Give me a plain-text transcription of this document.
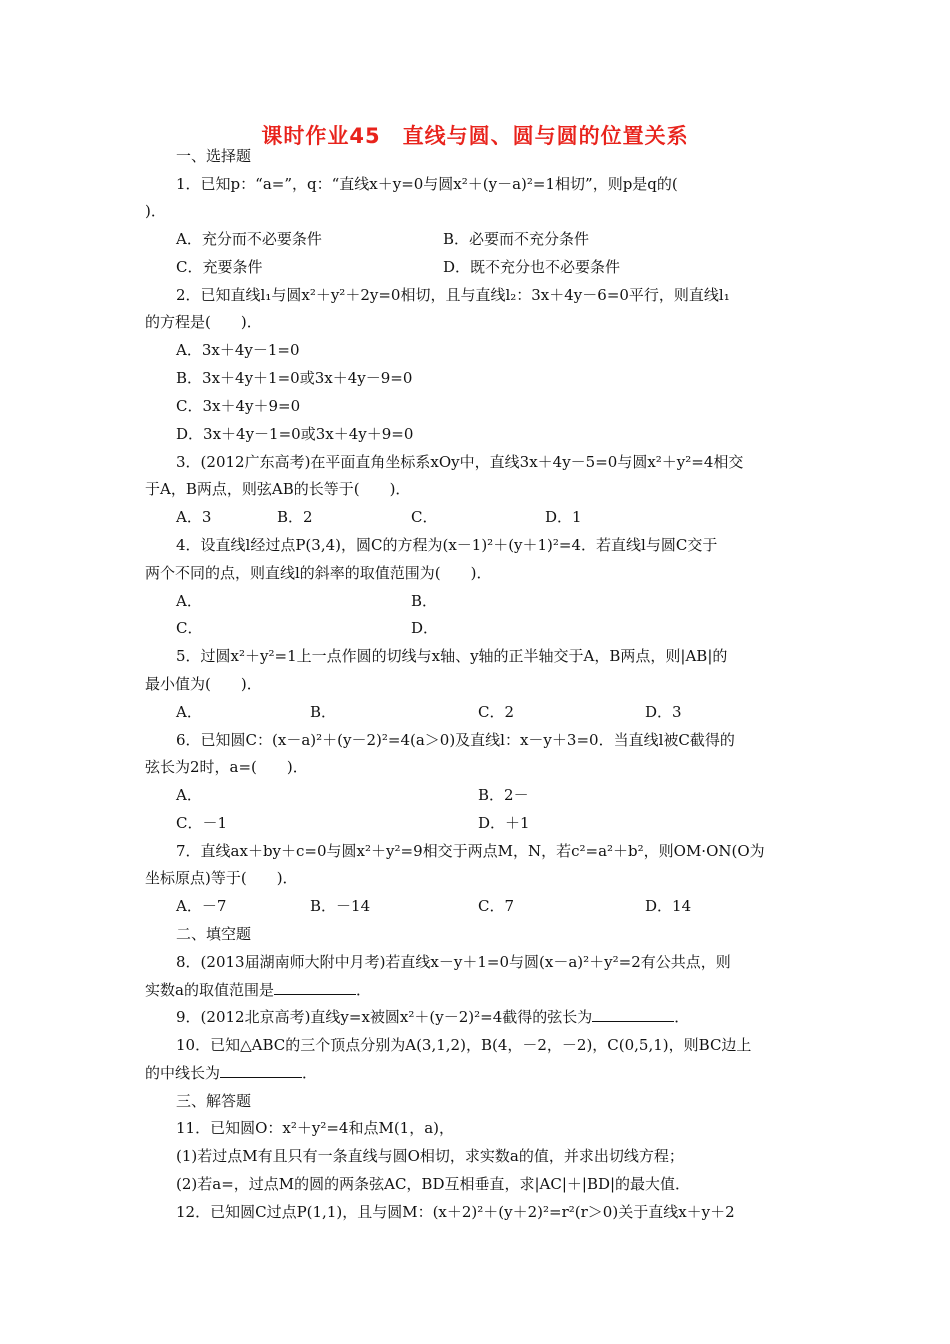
课时作业45　直线与圆、圆与圆的位置关系
一、选择题
1．已知p：“a=”，q：“直线x＋y=0与圆x²＋(y－a)²=1相切”，则p是q的(
)．
A．充分而不必要条件	B．必要而不充分条件
C．充要条件	D．既不充分也不必要条件
2．已知直线l₁与圆x²＋y²＋2y=0相切，且与直线l₂：3x＋4y－6=0平行，则直线l₁
的方程是(　　)．
A．3x＋4y－1=0
B．3x＋4y＋1=0或3x＋4y－9=0
C．3x＋4y＋9=0
D．3x＋4y－1=0或3x＋4y＋9=0
3．(2012广东高考)在平面直角坐标系xOy中，直线3x＋4y－5=0与圆x²＋y²=4相交
于A，B两点，则弦AB的长等于(　　)．
A．3	B．2	C．	D．1
4．设直线l经过点P(3,4)，圆C的方程为(x－1)²＋(y＋1)²=4．若直线l与圆C交于
两个不同的点，则直线l的斜率的取值范围为(　　)．
A．	B．
C．	D．
5．过圆x²＋y²=1上一点作圆的切线与x轴、y轴的正半轴交于A，B两点，则|AB|的
最小值为(　　)．
A．	B．	C．2	D．3
6．已知圆C：(x－a)²＋(y－2)²=4(a＞0)及直线l：x－y＋3=0．当直线l被C截得的
弦长为2时，a=(　　)．
A．	B．2－
C．－1	D．＋1
7．直线ax＋by＋c=0与圆x²＋y²=9相交于两点M，N，若c²=a²＋b²，则OM·ON(O为
坐标原点)等于(　　)．
A．－7	B．－14	C．7	D．14
二、填空题
8．(2013届湖南师大附中月考)若直线x－y＋1=0与圆(x－a)²＋y²=2有公共点，则
实数a的取值范围是	．
9．(2012北京高考)直线y=x被圆x²＋(y－2)²=4截得的弦长为	．
10．已知△ABC的三个顶点分别为A(3,1,2)，B(4，－2，－2)，C(0,5,1)，则BC边上
的中线长为	．
三、解答题
11．已知圆O：x²＋y²=4和点M(1，a)，
(1)若过点M有且只有一条直线与圆O相切，求实数a的值，并求出切线方程；
(2)若a=，过点M的圆的两条弦AC，BD互相垂直，求|AC|＋|BD|的最大值．
12．已知圆C过点P(1,1)，且与圆M：(x＋2)²＋(y＋2)²=r²(r＞0)关于直线x＋y＋2
